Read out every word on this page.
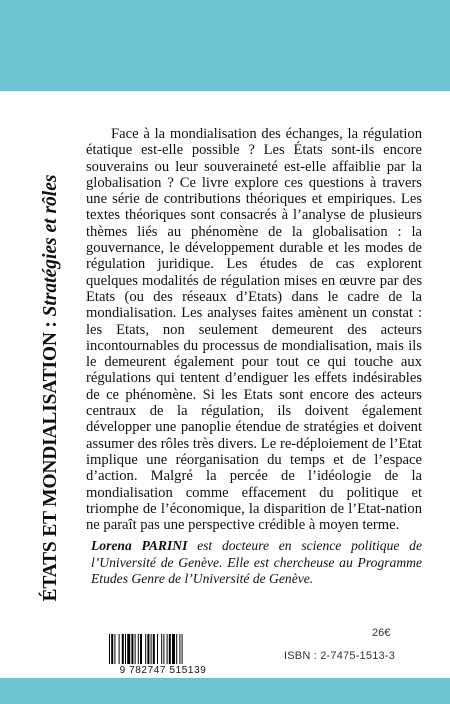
ÉTATS ET MONDIALISATION : Stratégies et rôles

Face à la mondialisation des échanges, la régulation étatique est-elle possible ? Les États sont-ils encore souverains ou leur souveraineté est-elle affaiblie par la globalisation ? Ce livre explore ces questions à travers une série de contributions théoriques et empiriques. Les textes théoriques sont consacrés à l’analyse de plusieurs thèmes liés au phénomène de la globalisation : la gouvernance, le développement durable et les modes de régulation juridique. Les études de cas explorent quelques modalités de régulation mises en œuvre par des Etats (ou des réseaux d’Etats) dans le cadre de la mondialisation. Les analyses faites amènent un constat : les Etats, non seulement demeurent des acteurs incontournables du processus de mondialisation, mais ils le demeurent également pour tout ce qui touche aux régulations qui tentent d’endiguer les effets indésirables de ce phénomène. Si les Etats sont encore des acteurs centraux de la régulation, ils doivent également développer une panoplie étendue de stratégies et doivent assumer des rôles très divers. Le re-déploiement de l’Etat implique une réorganisation du temps et de l’espace d’action. Malgré la percée de l’idéologie de la mondialisation comme effacement du politique et triomphe de l’économique, la disparition de l’Etat-nation ne paraît pas une perspective crédible à moyen terme.

Lorena PARINI est docteure en science politique de l’Université de Genève. Elle est chercheuse au Programme Etudes Genre de l’Université de Genève.

9 782747 515139
26€
ISBN : 2-7475-1513-3
